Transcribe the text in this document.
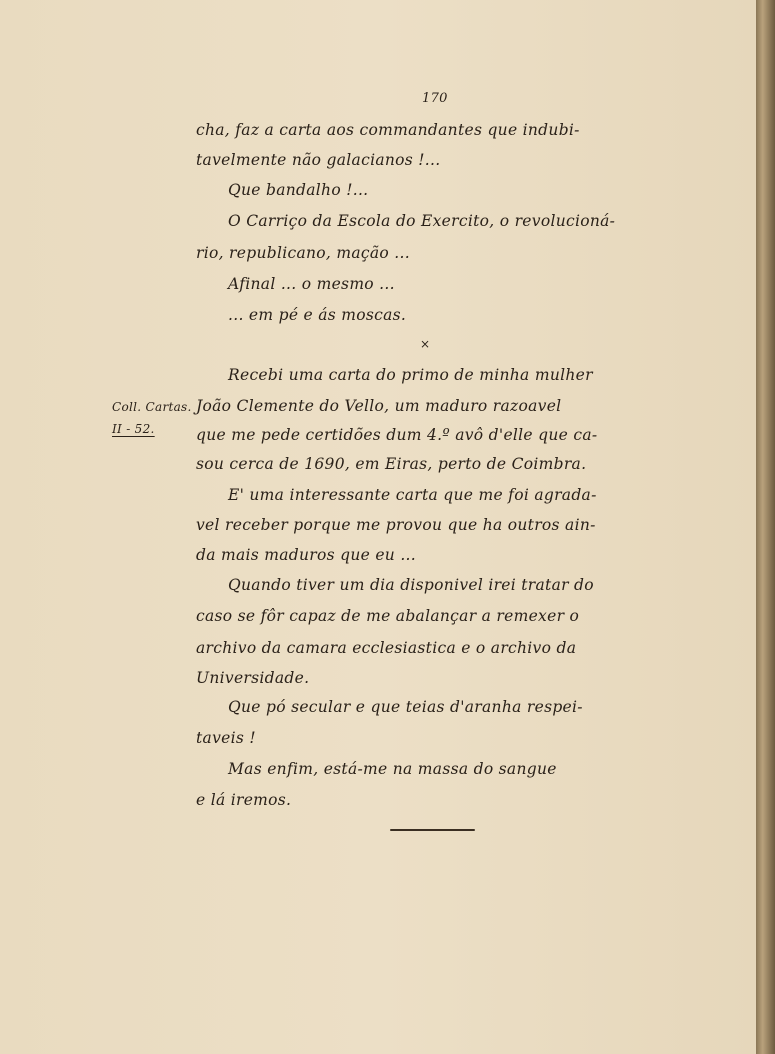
170
Coll. Cartas.
II - 52.
cha, faz a carta aos commandantes que indubi-
tavelmente não galacianos !...
Que bandalho !...
O Carriço da Escola do Exercito, o revolucioná-
rio, republicano, mação ...
Afinal ... o mesmo ...
... em pé e ás moscas.
×
Recebi uma carta do primo de minha mulher
João Clemente do Vello, um maduro razoavel
que me pede certidões dum 4.º avô d'elle que ca-
sou cerca de 1690, em Eiras, perto de Coimbra.
E' uma interessante carta que me foi agrada-
vel receber porque me provou que ha outros ain-
da mais maduros que eu ...
Quando tiver um dia disponivel irei tratar do
caso se fôr capaz de me abalançar a remexer o
archivo da camara ecclesiastica e o archivo da
Universidade.
Que pó secular e que teias d'aranha respei-
taveis !
Mas enfim, está-me na massa do sangue
e lá iremos.
